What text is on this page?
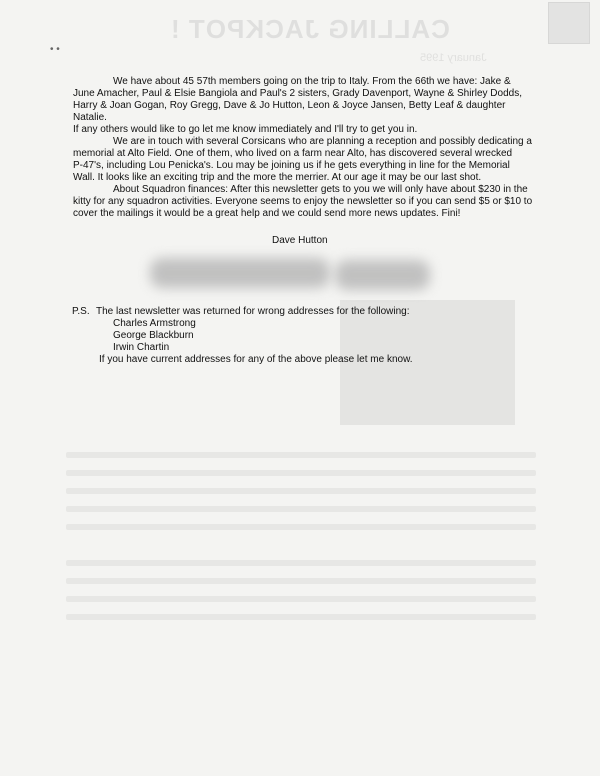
CALLING JACKPOT !
January 1995
• •
We have about 45 57th members going on the trip to Italy. From the 66th we have: Jake &
June Amacher, Paul & Elsie Bangiola and Paul's 2 sisters, Grady Davenport, Wayne & Shirley Dodds,
Harry & Joan Gogan, Roy Gregg, Dave & Jo Hutton, Leon & Joyce Jansen, Betty Leaf & daughter
Natalie.
If any others would like to go let me know immediately and I'll try to get you in.
We are in touch with several Corsicans who are planning a reception and possibly dedicating a
memorial at Alto Field. One of them, who lived on a farm near Alto, has discovered several wrecked
P-47's, including Lou Penicka's. Lou may be joining us if he gets everything in line for the Memorial
Wall. It looks like an exciting trip and the more the merrier. At our age it may be our last shot.
About Squadron finances: After this newsletter gets to you we will only have about $230 in the
kitty for any squadron activities. Everyone seems to enjoy the newsletter so if you can send $5 or $10 to
cover the mailings it would be a great help and we could send more news updates. Fini!
Dave Hutton
P.S. The last newsletter was returned for wrong addresses for the following:
Charles Armstrong
George Blackburn
Irwin Chartin
If you have current addresses for any of the above please let me know.
